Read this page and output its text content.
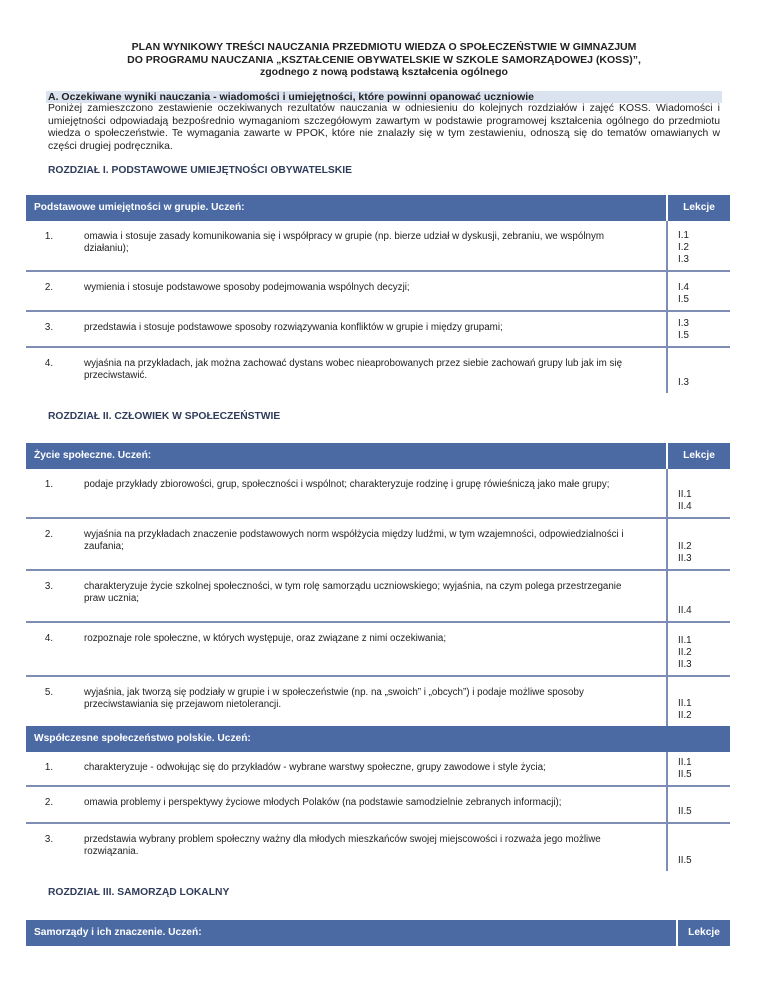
PLAN WYNIKOWY TREŚCI NAUCZANIA PRZEDMIOTU WIEDZA O SPOŁECZEŃSTWIE W GIMNAZJUM
DO PROGRAMU NAUCZANIA „KSZTAŁCENIE OBYWATELSKIE W SZKOLE SAMORZĄDOWEJ (KOSS)”,
zgodnego z nową podstawą kształcenia ogólnego
A. Oczekiwane wyniki nauczania - wiadomości i umiejętności, które powinni opanować uczniowie
Poniżej zamieszczono zestawienie oczekiwanych rezultatów nauczania w odniesieniu do kolejnych rozdziałów i zajęć KOSS. Wiadomości i umiejętności odpowiadają bezpośrednio wymaganiom szczegółowym zawartym w podstawie programowej kształcenia ogólnego do przedmiotu wiedza o społeczeństwie. Te wymagania zawarte w PPOK, które nie znalazły się w tym zestawieniu, odnoszą się do tematów omawianych w części drugiej podręcznika.
ROZDZIAŁ I. PODSTAWOWE UMIEJĘTNOŚCI OBYWATELSKIE
Podstawowe umiejętności w grupie. Uczeń:		Lekcje
1.	omawia i stosuje zasady komunikowania się i współpracy w grupie (np. bierze udział w dyskusji, zebraniu, we wspólnym działaniu);	I.1
I.2
I.3

2.	wymienia i stosuje podstawowe sposoby podejmowania wspólnych decyzji;	I.4
I.5

3.	przedstawia i stosuje podstawowe sposoby rozwiązywania konfliktów w grupie i między grupami;	I.3
I.5

4.	wyjaśnia na przykładach, jak można zachować dystans wobec nieaprobowanych przez siebie zachowań grupy lub jak im się przeciwstawić.	I.3
ROZDZIAŁ II. CZŁOWIEK W SPOŁECZEŃSTWIE
Życie społeczne. Uczeń:		Lekcje
1.	podaje przykłady zbiorowości, grup, społeczności i wspólnot; charakteryzuje rodzinę i grupę rówieśniczą jako małe grupy;	II.1
II.4

2.	wyjaśnia na przykładach znaczenie podstawowych norm współżycia między ludźmi, w tym wzajemności, odpowiedzialności i zaufania;	II.2
II.3

3.	charakteryzuje życie szkolnej społeczności, w tym rolę samorządu uczniowskiego; wyjaśnia, na czym polega przestrzeganie praw ucznia;	II.4

4.	rozpoznaje role społeczne, w których występuje, oraz związane z nimi oczekiwania;	II.1
II.2
II.3

5.	wyjaśnia, jak tworzą się podziały w grupie i w społeczeństwie (np. na „swoich” i „obcych”) i podaje możliwe sposoby przeciwstawiania się przejawom nietolerancji.	II.1
II.2

Współczesne społeczeństwo polskie. Uczeń:		
1.	charakteryzuje - odwołując się do przykładów - wybrane warstwy społeczne, grupy zawodowe i style życia;	II.1
II.5

2.	omawia problemy i perspektywy życiowe młodych Polaków (na podstawie samodzielnie zebranych informacji);	II.5

3.	przedstawia wybrany problem społeczny ważny dla młodych mieszkańców swojej miejscowości i rozważa jego możliwe rozwiązania.	II.5
ROZDZIAŁ III. SAMORZĄD LOKALNY
Samorządy i ich znaczenie. Uczeń:	Lekcje
